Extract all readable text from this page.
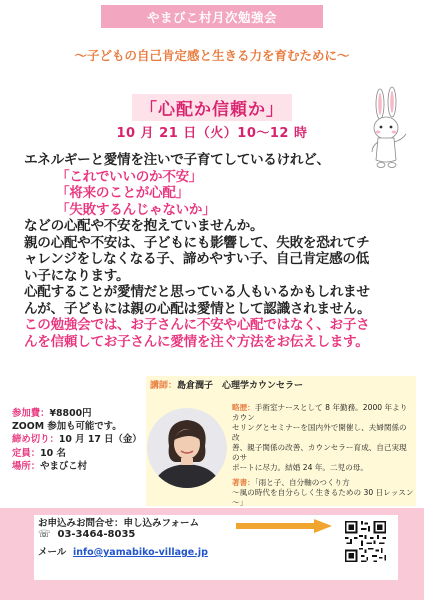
やまびこ村月次勉強会
～子どもの自己肯定感と生きる力を育むために～
「心配か信頼か」
10 月 21 日（火）10～12 時
エネルギーと愛情を注いで子育てしているけれど、
「これでいいのか不安」
「将来のことが心配」
「失敗するんじゃないか」
などの心配や不安を抱えていませんか。
親の心配や不安は、子どもにも影響して、失敗を恐れてチ
ャレンジをしなくなる子、諦めやすい子、自己肯定感の低
い子になります。
心配することが愛情だと思っている人もいるかもしれませ
んが、子どもには親の心配は愛情として認識されません。
この勉強会では、お子さんに不安や心配ではなく、お子さ
んを信頼してお子さんに愛情を注ぐ方法をお伝えします。
講師：島倉潤子　心理学カウンセラー
略歴：手術室ナースとして 8 年勤務。2000 年よりカウン
セリングとセミナーを国内外で開催し、夫婦関係の改
善、親子関係の改善、カウンセラー育成、自己実現のサ
ポートに尽力。結婚 24 年。二児の母。
著書：「雨と子、自分軸のつくり方
～風の時代を自分らしく生きるための 30 日レッスン～」
参加費：¥8800円
ZOOM 参加も可能です。
締め切り：10 月 17 日（金）
定員：10 名
場所：やまびこ村
お申込みお問合せ：申し込みフォーム
☏ 03-3464-8035
メール info@yamabiko-village.jp
